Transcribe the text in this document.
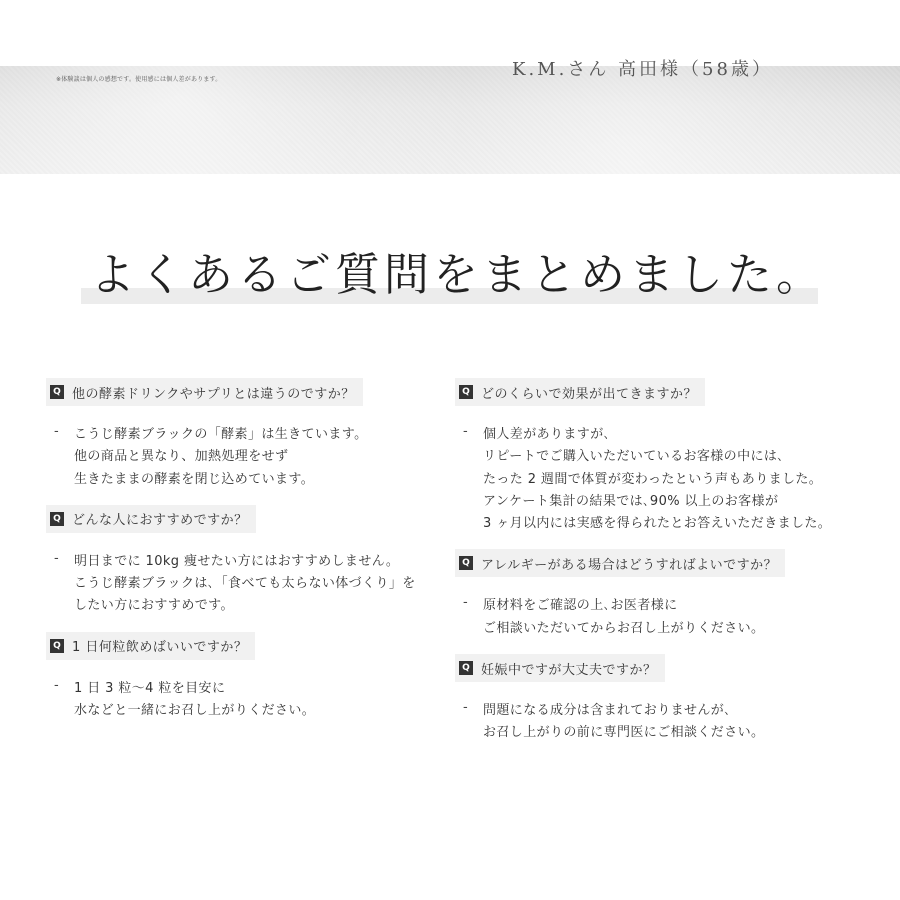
K.M.さん 高田様（58歳）
※体験談は個人の感想です。使用感には個人差があります。
よくあるご質問をまとめました。
Q 他の酵素ドリンクやサプリとは違うのですか？
-	こうじ酵素ブラックの「酵素」は生きています。
他の商品と異なり、加熱処理をせず
生きたままの酵素を閉じ込めています。
Q どんな人におすすめですか？
-	明日までに 10kg 痩せたい方にはおすすめしません。
こうじ酵素ブラックは､「食べても太らない体づくり」を
したい方におすすめです。
Q 1 日何粒飲めばいいですか？
-	1 日 3 粒〜4 粒を目安に
水などと一緒にお召し上がりください。
Q どのくらいで効果が出てきますか？
-	個人差がありますが､
リピートでご購入いただいているお客様の中には､
たった 2 週間で体質が変わったという声もありました。
アンケート集計の結果では､90% 以上のお客様が
3 ヶ月以内には実感を得られたとお答えいただきました。
Q アレルギーがある場合はどうすればよいですか？
-	原材料をご確認の上､お医者様に
ご相談いただいてからお召し上がりください。
Q 妊娠中ですが大丈夫ですか？
-	問題になる成分は含まれておりませんが､
お召し上がりの前に専門医にご相談ください。
